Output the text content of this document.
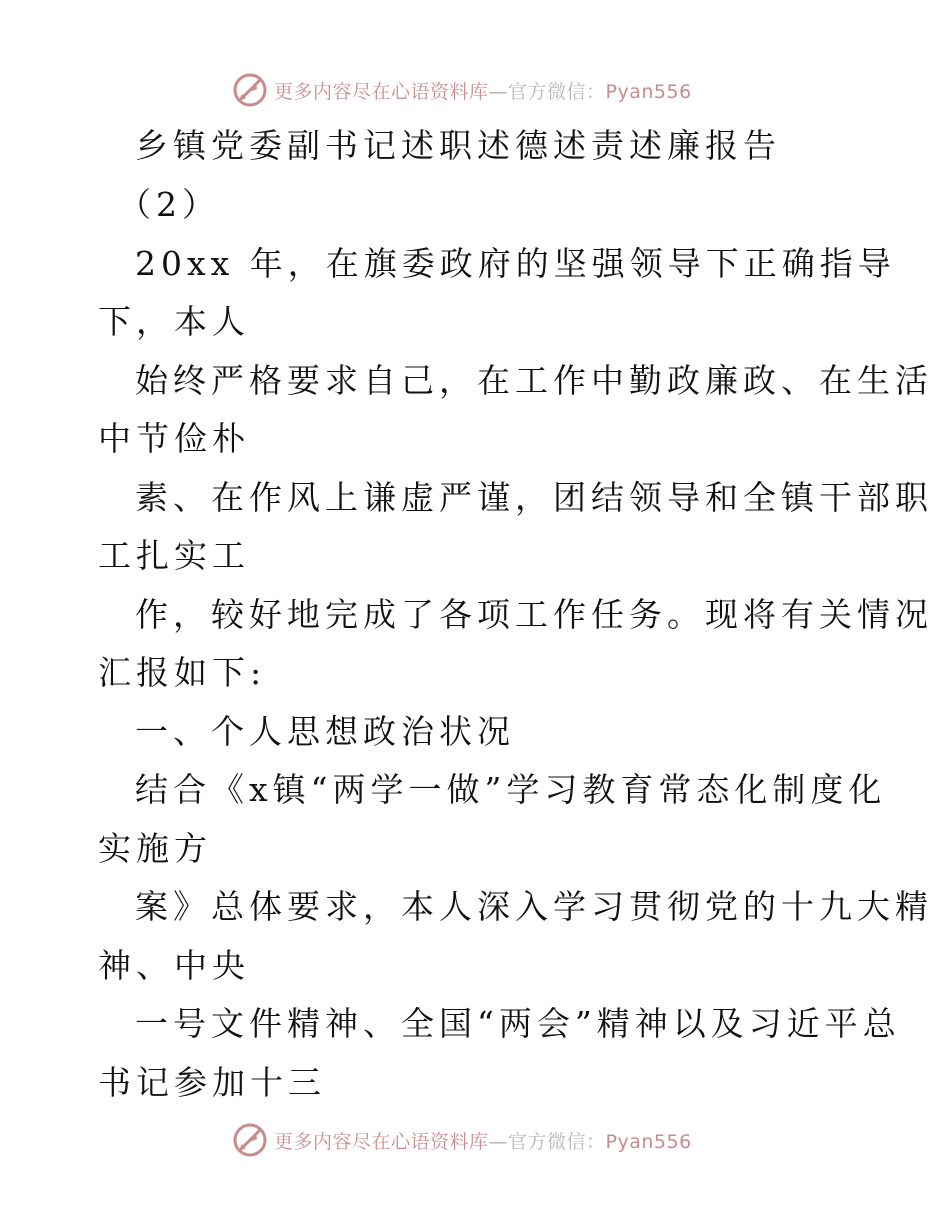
更多内容尽在心语资料库—官方微信：Pyan556
乡镇党委副书记述职述德述责述廉报告
（2）
20xx 年，在旗委政府的坚强领导下正确指导
下，本人
始终严格要求自己，在工作中勤政廉政、在生活
中节俭朴
素、在作风上谦虚严谨，团结领导和全镇干部职
工扎实工
作，较好地完成了各项工作任务。现将有关情况
汇报如下:
一、个人思想政治状况
结合《x镇“两学一做”学习教育常态化制度化
实施方
案》总体要求，本人深入学习贯彻党的十九大精
神、中央
一号文件精神、全国“两会”精神以及习近平总
书记参加十三
更多内容尽在心语资料库—官方微信：Pyan556
